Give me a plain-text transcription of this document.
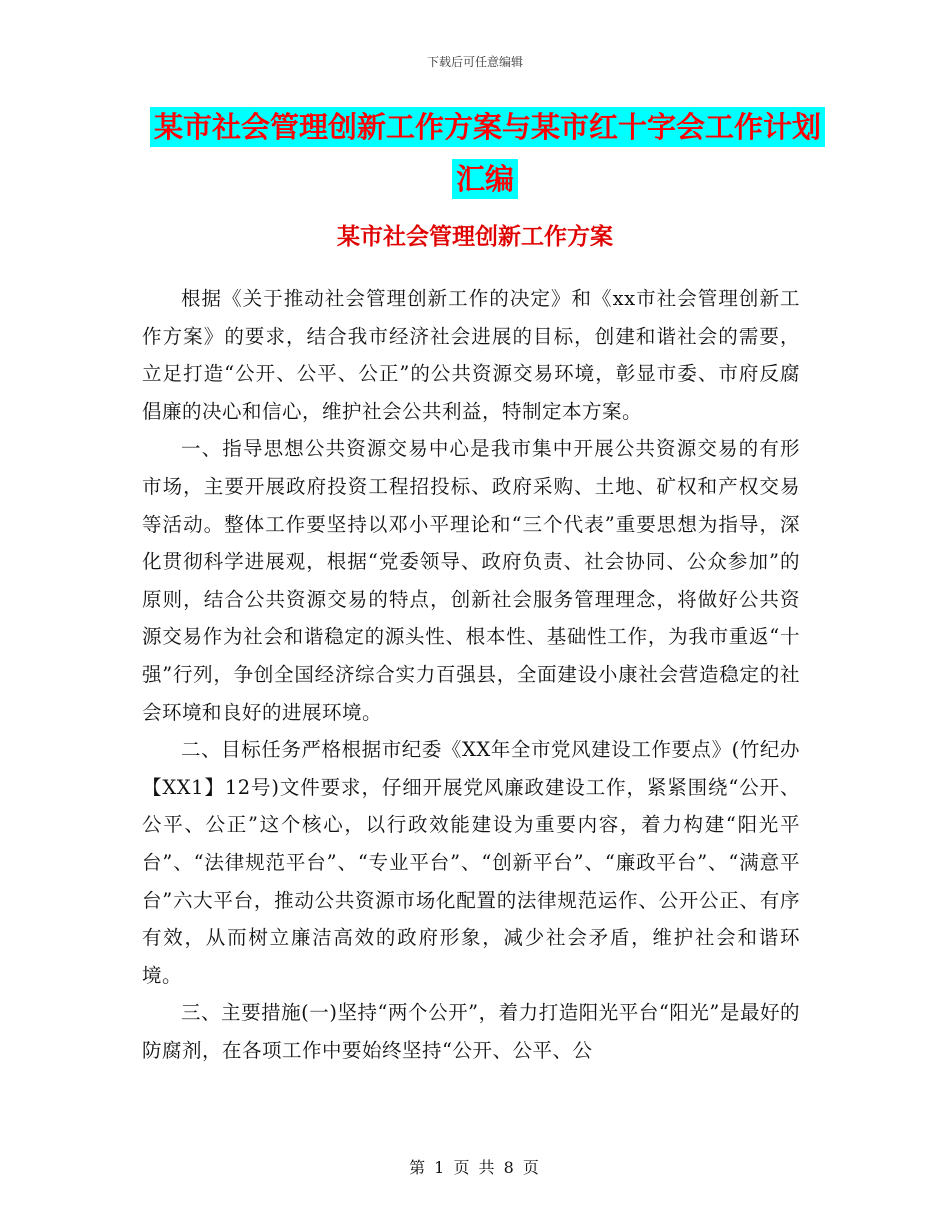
下载后可任意编辑
某市社会管理创新工作方案与某市红十字会工作计划
汇编
某市社会管理创新工作方案

根据《关于推动社会管理创新工作的决定》和《xx市社会管理创新工作方案》的要求，结合我市经济社会进展的目标，创建和谐社会的需要，立足打造“公开、公平、公正”的公共资源交易环境，彰显市委、市府反腐倡廉的决心和信心，维护社会公共利益，特制定本方案。

一、指导思想公共资源交易中心是我市集中开展公共资源交易的有形市场，主要开展政府投资工程招投标、政府采购、土地、矿权和产权交易等活动。整体工作要坚持以邓小平理论和“三个代表”重要思想为指导，深化贯彻科学进展观，根据“党委领导、政府负责、社会协同、公众参加”的原则，结合公共资源交易的特点，创新社会服务管理理念，将做好公共资源交易作为社会和谐稳定的源头性、根本性、基础性工作，为我市重返“十强”行列，争创全国经济综合实力百强县，全面建设小康社会营造稳定的社会环境和良好的进展环境。

二、目标任务严格根据市纪委《XX年全市党风建设工作要点》(竹纪办【XX1】12号)文件要求，仔细开展党风廉政建设工作，紧紧围绕“公开、公平、公正”这个核心，以行政效能建设为重要内容，着力构建“阳光平台”、“法律规范平台”、“专业平台”、“创新平台”、“廉政平台”、“满意平台”六大平台，推动公共资源市场化配置的法律规范运作、公开公正、有序有效，从而树立廉洁高效的政府形象，减少社会矛盾，维护社会和谐环境。

三、主要措施(一)坚持“两个公开”，着力打造阳光平台“阳光”是最好的防腐剂，在各项工作中要始终坚持“公开、公平、公

第 1 页 共 8 页
